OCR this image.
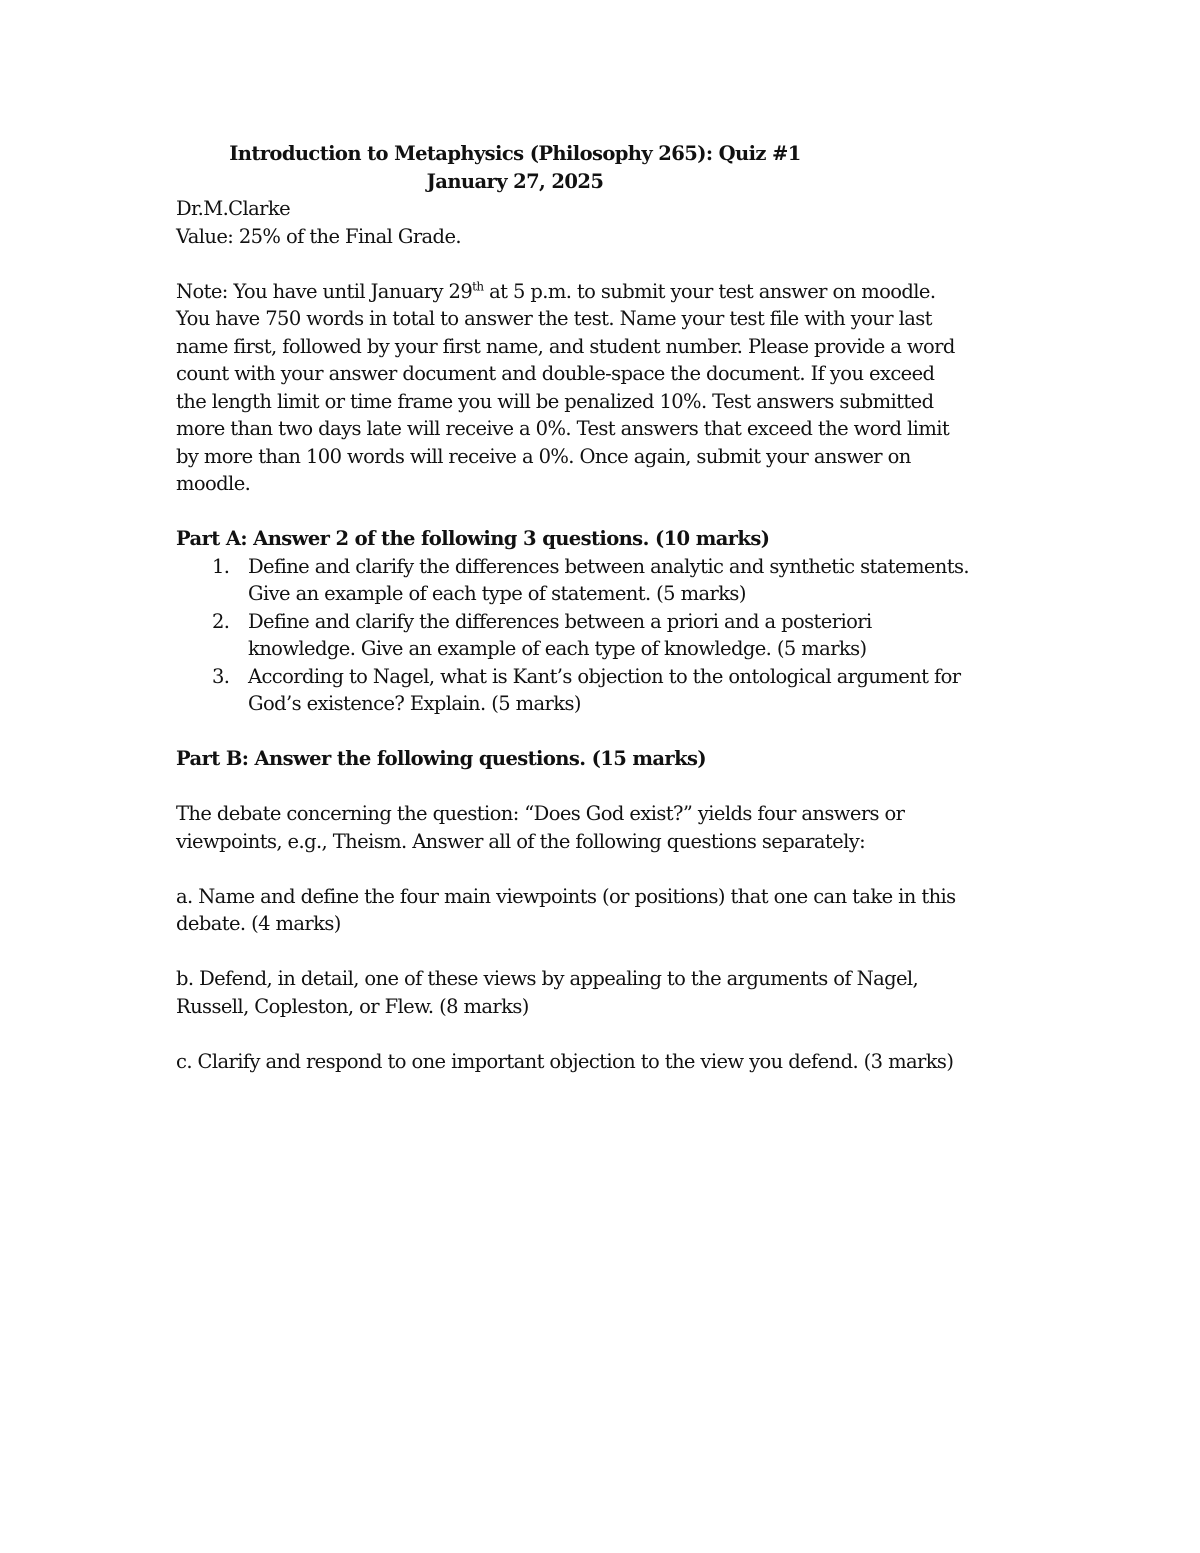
Introduction to Metaphysics (Philosophy 265): Quiz #1
January 27, 2025

Dr.M.Clarke

Value: 25% of the Final Grade.

Note: You have until January 29th at 5 p.m. to submit your test answer on moodle.

You have 750 words in total to answer the test. Name your test file with your last

name first, followed by your first name, and student number. Please provide a word

count with your answer document and double-space the document. If you exceed

the length limit or time frame you will be penalized 10%. Test answers submitted

more than two days late will receive a 0%. Test answers that exceed the word limit

by more than 100 words will receive a 0%. Once again, submit your answer on

moodle.

Part A: Answer 2 of the following 3 questions. (10 marks)

1. Define and clarify the differences between analytic and synthetic statements.

Give an example of each type of statement. (5 marks)

2. Define and clarify the differences between a priori and a posteriori

knowledge. Give an example of each type of knowledge. (5 marks)

3. According to Nagel, what is Kant’s objection to the ontological argument for

God’s existence? Explain. (5 marks)

Part B: Answer the following questions. (15 marks)

The debate concerning the question: “Does God exist?” yields four answers or

viewpoints, e.g., Theism. Answer all of the following questions separately:

a. Name and define the four main viewpoints (or positions) that one can take in this

debate. (4 marks)

b. Defend, in detail, one of these views by appealing to the arguments of Nagel,

Russell, Copleston, or Flew. (8 marks)

c. Clarify and respond to one important objection to the view you defend. (3 marks)
